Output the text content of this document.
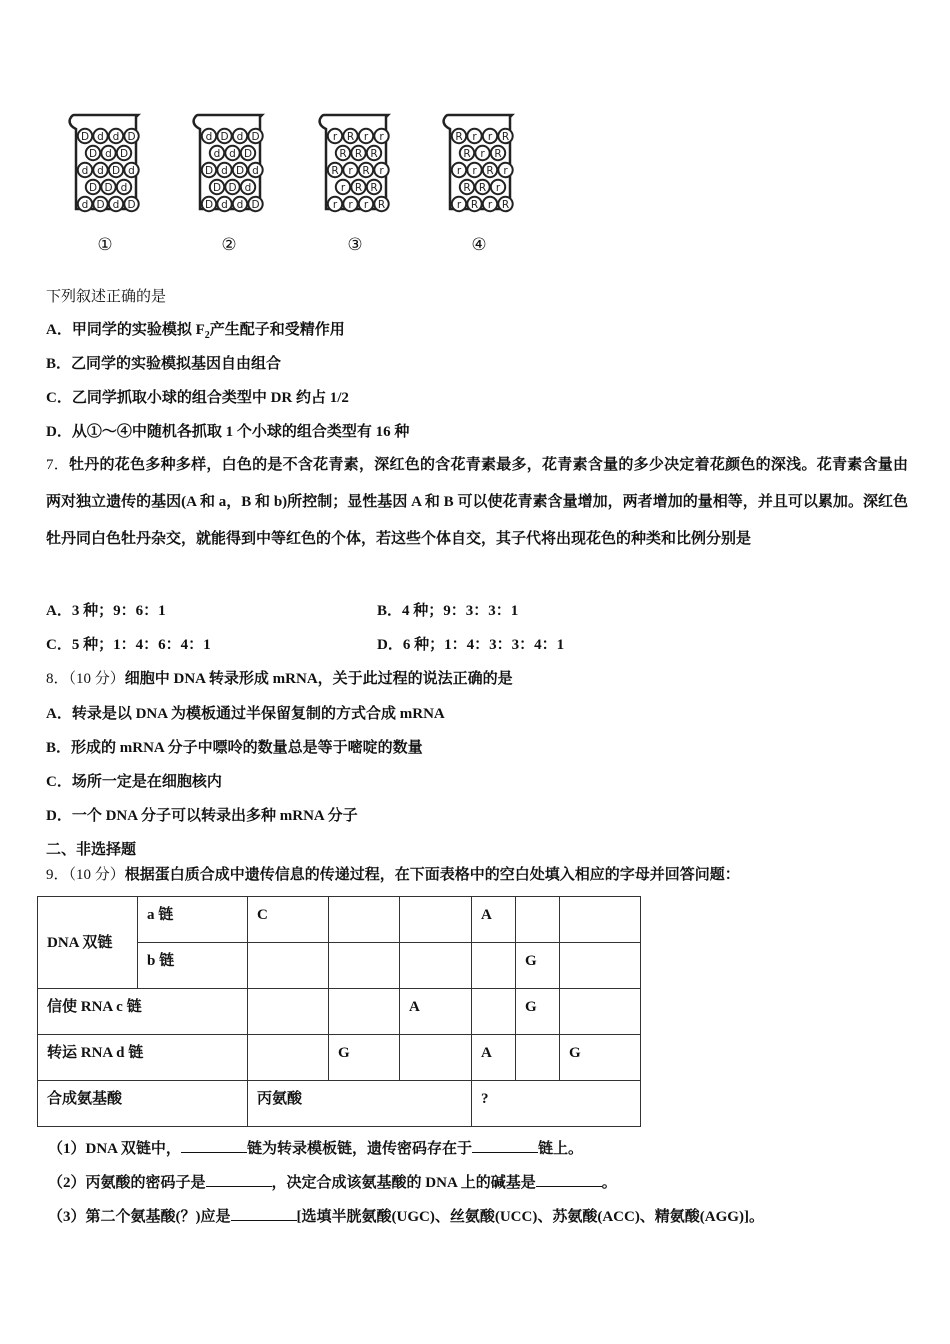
D d d D
D d D
d d D d
D D d
d D d D
①
d D d D
d d D
D d D d
D D d
D d d D
②
r R r r
R R R
R r R r
r R R
r r r R
③
R r r R
R r R
r r R r
R R r
r R r R
④
下列叙述正确的是
A．甲同学的实验模拟 $F_2$产生配子和受精作用
B．乙同学的实验模拟基因自由组合
C．乙同学抓取小球的组合类型中 DR 约占 1/2
D．从①～④中随机各抓取 1 个小球的组合类型有 16 种
7．牡丹的花色多种多样，白色的是不含花青素，深红色的含花青素最多，花青素含量的多少决定着花颜色的深浅。花青素含量由两对独立遗传的基因(A 和 a，B 和 b)所控制；显性基因 A 和 B 可以使花青素含量增加，两者增加的量相等，并且可以累加。深红色牡丹同白色牡丹杂交，就能得到中等红色的个体，若这些个体自交，其子代将出现花色的种类和比例分别是
A．3 种；9：6：1	B．4 种；9：3：3：1
C．5 种；1：4：6：4：1	D．6 种；1：4：3：3：4：1
8．（10 分）细胞中 DNA 转录形成 mRNA，关于此过程的说法正确的是
A．转录是以 DNA 为模板通过半保留复制的方式合成 mRNA
B．形成的 mRNA 分子中嘌呤的数量总是等于嘧啶的数量
C．场所一定是在细胞核内
D．一个 DNA 分子可以转录出多种 mRNA 分子
二、非选择题
9．（10 分）根据蛋白质合成中遗传信息的传递过程，在下面表格中的空白处填入相应的字母并回答问题：
DNA 双链	a 链	C			A		
	b 链					G	
信使 RNA c 链				A		G	
转运 RNA d 链			G		A		G
合成氨基酸		丙氨酸			?		
（1）DNA 双链中，	链为转录模板链，遗传密码存在于	链上。
（2）丙氨酸的密码子是	，决定合成该氨基酸的 DNA 上的碱基是	。
（3）第二个氨基酸(？)应是	[选填半胱氨酸(UGC)、丝氨酸(UCC)、苏氨酸(ACC)、精氨酸(AGG)]。
